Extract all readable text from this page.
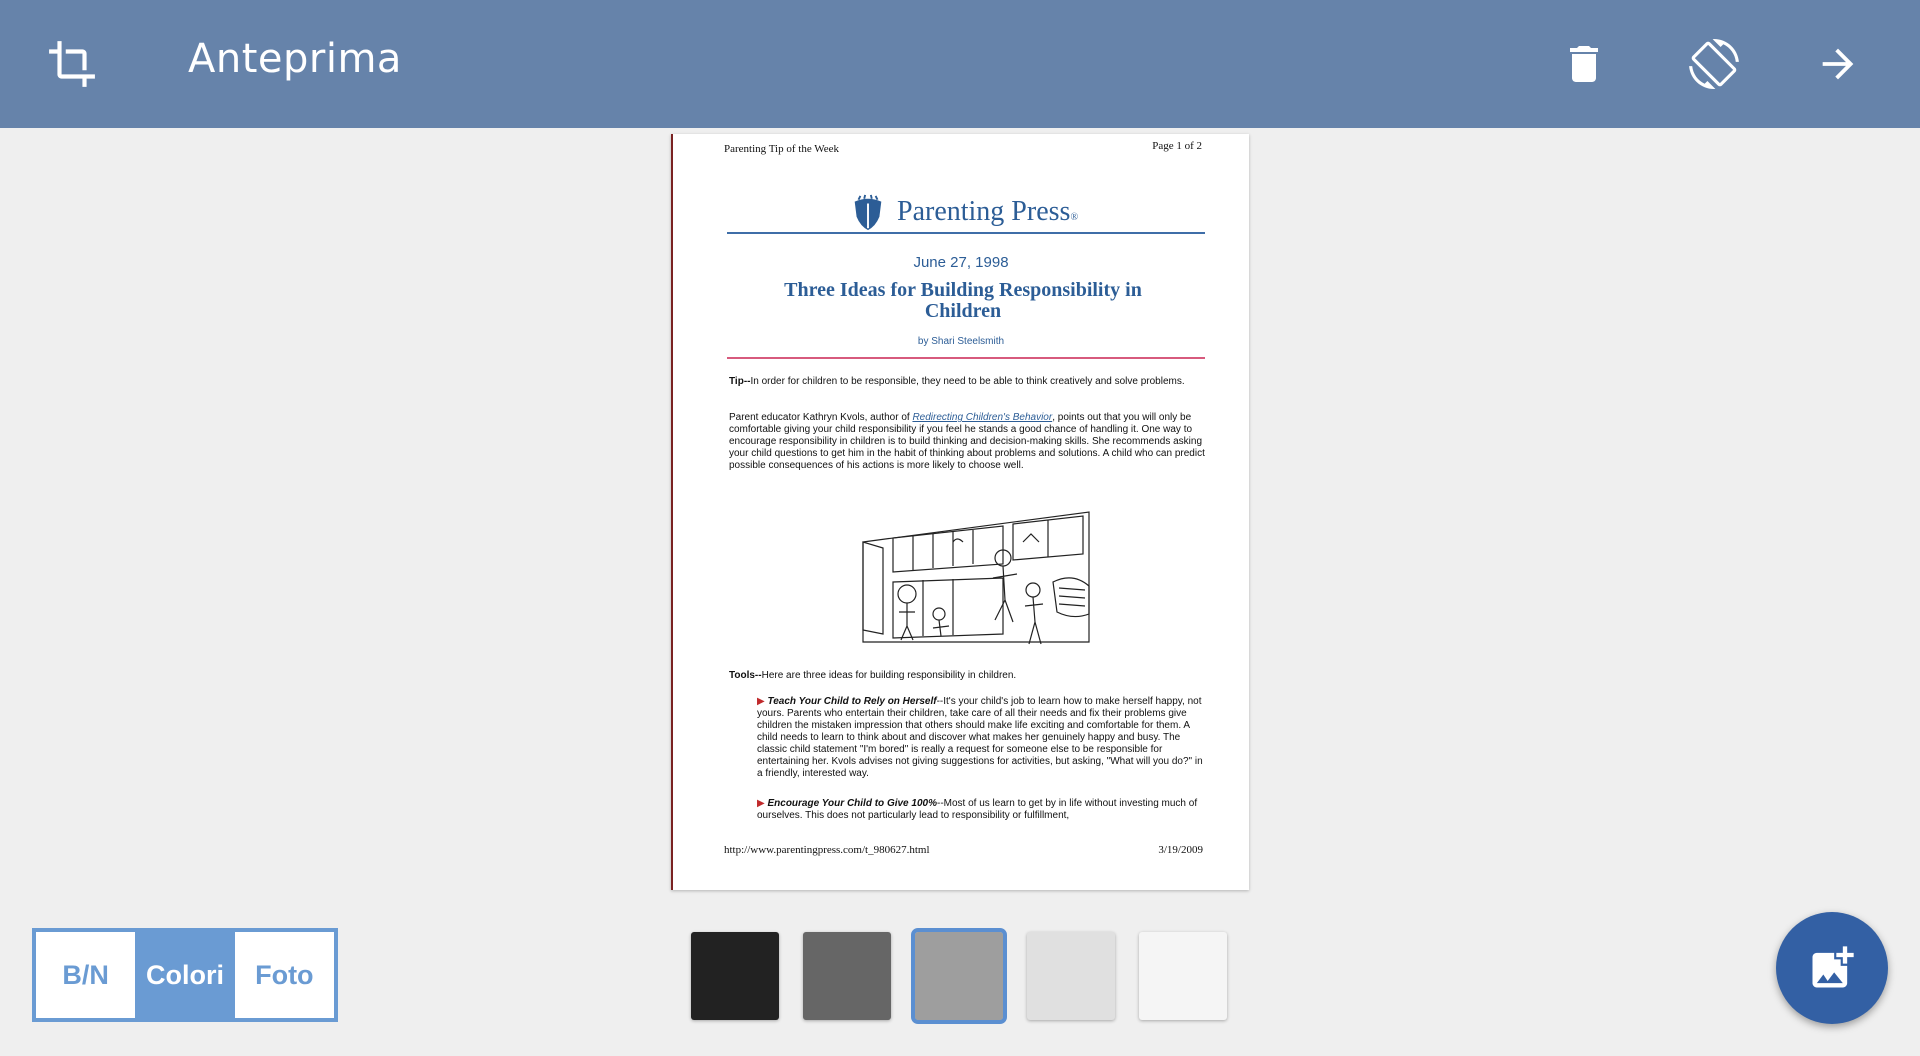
Anteprima
Parenting Tip of the Week	Page 1 of 2
Parenting Press®
June 27, 1998
Three Ideas for Building Responsibility in Children
by Shari Steelsmith
Tip--In order for children to be responsible, they need to be able to think creatively and solve problems.
Parent educator Kathryn Kvols, author of Redirecting Children's Behavior, points out that you will only be comfortable giving your child responsibility if you feel he stands a good chance of handling it. One way to encourage responsibility in children is to build thinking and decision-making skills. She recommends asking your child questions to get him in the habit of thinking about problems and solutions. A child who can predict possible consequences of his actions is more likely to choose well.
Tools--Here are three ideas for building responsibility in children.
▶ Teach Your Child to Rely on Herself--It's your child's job to learn how to make herself happy, not yours. Parents who entertain their children, take care of all their needs and fix their problems give children the mistaken impression that others should make life exciting and comfortable for them. A child needs to learn to think about and discover what makes her genuinely happy and busy. The classic child statement "I'm bored" is really a request for someone else to be responsible for entertaining her. Kvols advises not giving suggestions for activities, but asking, "What will you do?" in a friendly, interested way.
▶ Encourage Your Child to Give 100%--Most of us learn to get by in life without investing much of ourselves. This does not particularly lead to responsibility or fulfillment,
http://www.parentingpress.com/t_980627.html	3/19/2009
B/N	Colori	Foto
